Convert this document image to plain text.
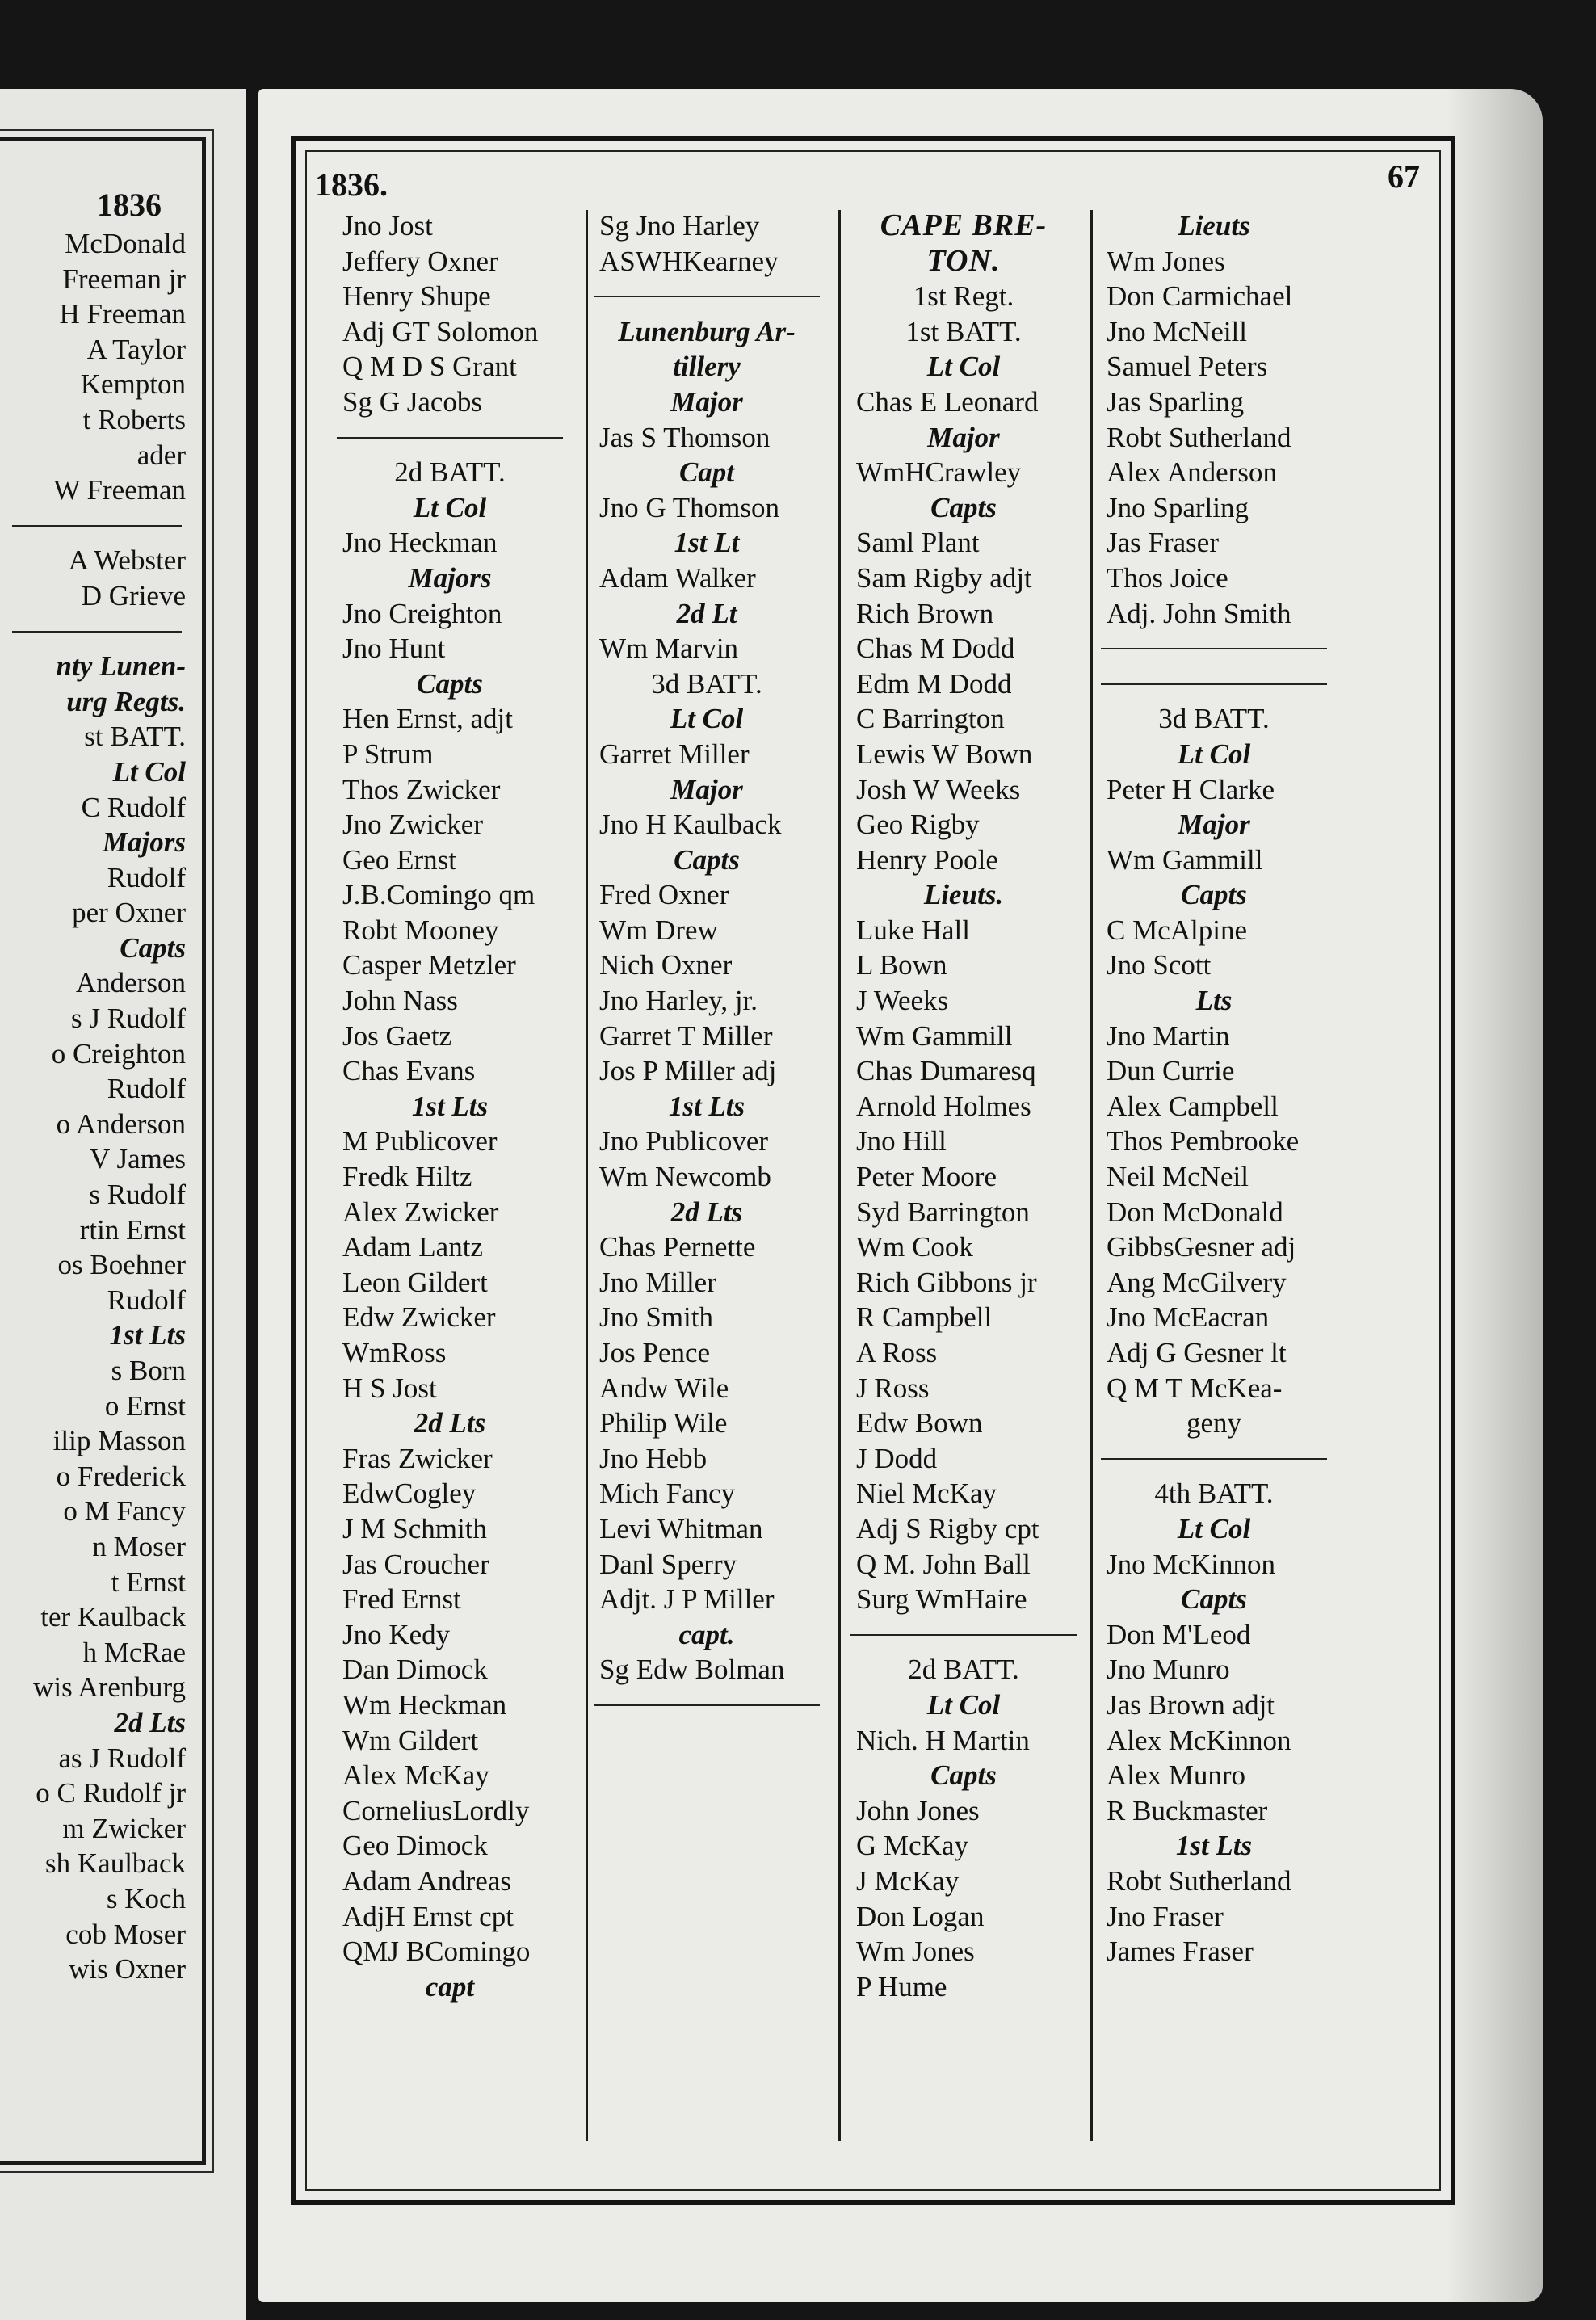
1836
McDonald
Freeman jr
H Freeman
A Taylor
Kempton
t Roberts
ader
W Freeman
A Webster
D Grieve
nty Lunen-
urg Regts.
st BATT.
Lt Col
C Rudolf
Majors
Rudolf
per Oxner
Capts
Anderson
s J Rudolf
o Creighton
Rudolf
o Anderson
V James
s Rudolf
rtin Ernst
os Boehner
Rudolf
1st Lts
s Born
o Ernst
ilip Masson
o Frederick
o M Fancy
n Moser
t Ernst
ter Kaulback
h McRae
wis Arenburg
2d Lts
as J Rudolf
o C Rudolf jr
m Zwicker
sh Kaulback
s Koch
cob Moser
wis Oxner
1836.	67
Jno Jost
Jeffery Oxner
Henry Shupe
Adj GT Solomon
Q M D S Grant
Sg G Jacobs
2d BATT.
Lt Col
Jno Heckman
Majors
Jno Creighton
Jno Hunt
Capts
Hen Ernst, adjt
P Strum
Thos Zwicker
Jno Zwicker
Geo Ernst
J.B.Comingo qm
Robt Mooney
Casper Metzler
John Nass
Jos Gaetz
Chas Evans
1st Lts
M Publicover
Fredk Hiltz
Alex Zwicker
Adam Lantz
Leon Gildert
Edw Zwicker
WmRoss
H S Jost
2d Lts
Fras Zwicker
EdwCogley
J M Schmith
Jas Croucher
Fred Ernst
Jno Kedy
Dan Dimock
Wm Heckman
Wm Gildert
Alex McKay
CorneliusLordly
Geo Dimock
Adam Andreas
AdjH Ernst cpt
QMJ BComingo
capt
Sg Jno Harley
ASWHKearney
Lunenburg Ar-
tillery
Major
Jas S Thomson
Capt
Jno G Thomson
1st Lt
Adam Walker
2d Lt
Wm Marvin
3d BATT.
Lt Col
Garret Miller
Major
Jno H Kaulback
Capts
Fred Oxner
Wm Drew
Nich Oxner
Jno Harley, jr.
Garret T Miller
Jos P Miller adj
1st Lts
Jno Publicover
Wm Newcomb
2d Lts
Chas Pernette
Jno Miller
Jno Smith
Jos Pence
Andw Wile
Philip Wile
Jno Hebb
Mich Fancy
Levi Whitman
Danl Sperry
Adjt. J P Miller
capt.
Sg Edw Bolman
CAPE BRE-
TON.
1st Regt.
1st BATT.
Lt Col
Chas E Leonard
Major
WmHCrawley
Capts
Saml Plant
Sam Rigby adjt
Rich Brown
Chas M Dodd
Edm M Dodd
C Barrington
Lewis W Bown
Josh W Weeks
Geo Rigby
Henry Poole
Lieuts.
Luke Hall
L Bown
J Weeks
Wm Gammill
Chas Dumaresq
Arnold Holmes
Jno Hill
Peter Moore
Syd Barrington
Wm Cook
Rich Gibbons jr
R Campbell
A Ross
J Ross
Edw Bown
J Dodd
Niel McKay
Adj S Rigby cpt
Q M. John Ball
Surg WmHaire
2d BATT.
Lt Col
Nich. H Martin
Capts
John Jones
G McKay
J McKay
Don Logan
Wm Jones
P Hume
Lieuts
Wm Jones
Don Carmichael
Jno McNeill
Samuel Peters
Jas Sparling
Robt Sutherland
Alex Anderson
Jno Sparling
Jas Fraser
Thos Joice
Adj. John Smith
3d BATT.
Lt Col
Peter H Clarke
Major
Wm Gammill
Capts
C McAlpine
Jno Scott
Lts
Jno Martin
Dun Currie
Alex Campbell
Thos Pembrooke
Neil McNeil
Don McDonald
GibbsGesner adj
Ang McGilvery
Jno McEacran
Adj G Gesner lt
Q M T McKea-
geny
4th BATT.
Lt Col
Jno McKinnon
Capts
Don M'Leod
Jno Munro
Jas Brown adjt
Alex McKinnon
Alex Munro
R Buckmaster
1st Lts
Robt Sutherland
Jno Fraser
James Fraser
